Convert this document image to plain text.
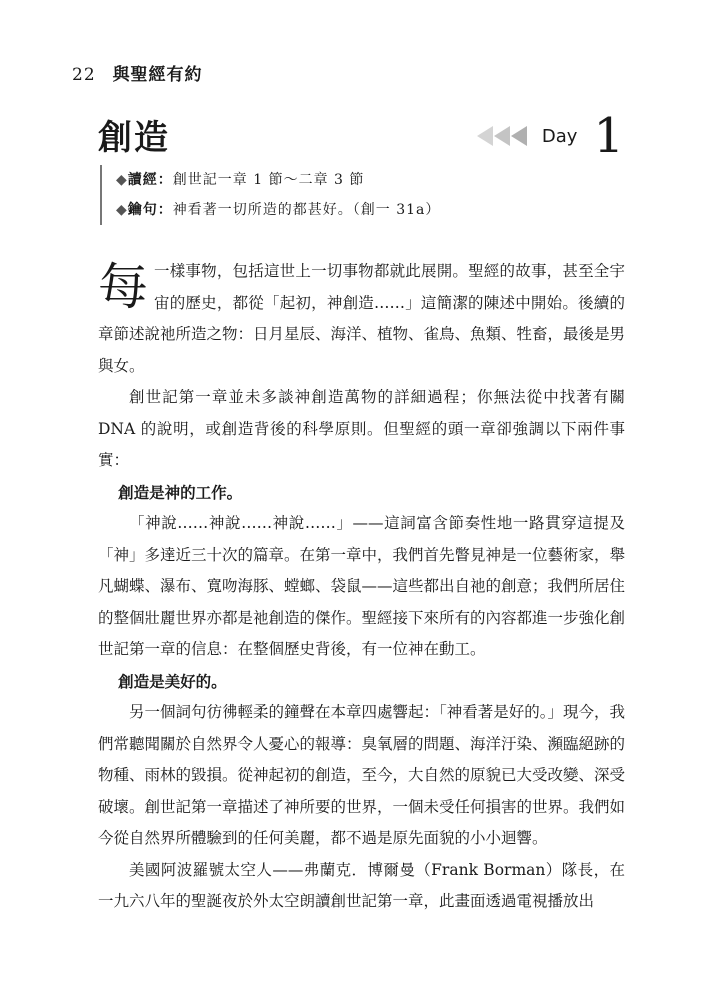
22 與聖經有約
創造	Day 1
◆讀經：創世記一章 1 節～二章 3 節
◆鑰句：神看著一切所造的都甚好。（創一 31a）

每一樣事物，包括這世上一切事物都就此展開。聖經的故事，甚至全宇宙的歷史，都從「起初，神創造……」這簡潔的陳述中開始。後續的章節述說祂所造之物：日月星辰、海洋、植物、雀鳥、魚類、牲畜，最後是男與女。

創世記第一章並未多談神創造萬物的詳細過程；你無法從中找著有關 DNA 的說明，或創造背後的科學原則。但聖經的頭一章卻強調以下兩件事實：

創造是神的工作。

「神說……神說……神說……」——這詞富含節奏性地一路貫穿這提及「神」多達近三十次的篇章。在第一章中，我們首先瞥見神是一位藝術家，舉凡蝴蝶、瀑布、寬吻海豚、螳螂、袋鼠——這些都出自祂的創意；我們所居住的整個壯麗世界亦都是祂創造的傑作。聖經接下來所有的內容都進一步強化創世記第一章的信息：在整個歷史背後，有一位神在動工。

創造是美好的。

另一個詞句彷彿輕柔的鐘聲在本章四處響起：「神看著是好的。」現今，我們常聽聞關於自然界令人憂心的報導：臭氧層的問題、海洋汙染、瀕臨絕跡的物種、雨林的毀損。從神起初的創造，至今，大自然的原貌已大受改變、深受破壞。創世記第一章描述了神所要的世界，一個未受任何損害的世界。我們如今從自然界所體驗到的任何美麗，都不過是原先面貌的小小迴響。

美國阿波羅號太空人——弗蘭克．博爾曼（Frank Borman）隊長，在一九六八年的聖誕夜於外太空朗讀創世記第一章，此畫面透過電視播放出
